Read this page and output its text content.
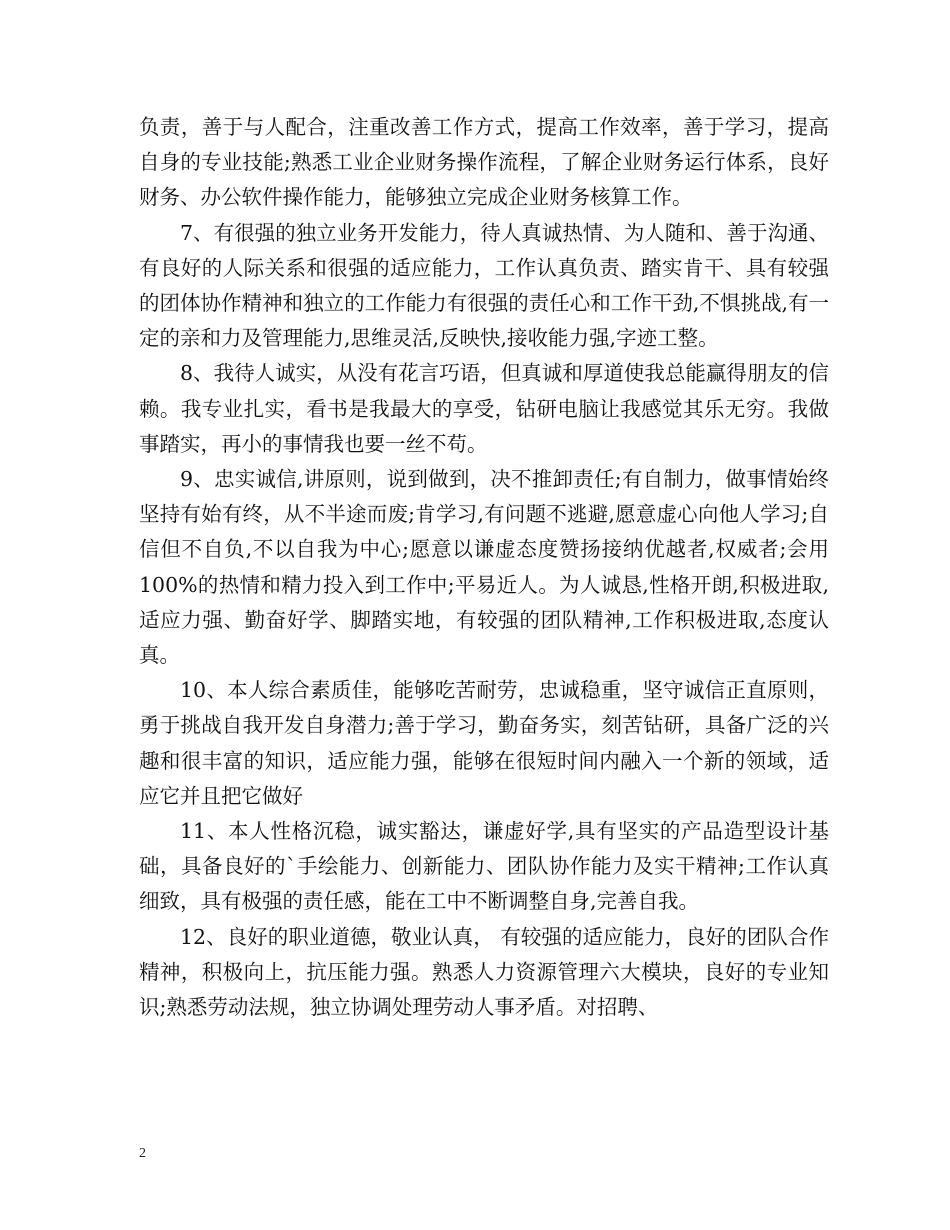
负责，善于与人配合，注重改善工作方式，提高工作效率，善于学习，提高自身的专业技能;熟悉工业企业财务操作流程，了解企业财务运行体系，良好财务、办公软件操作能力，能够独立完成企业财务核算工作。

7、有很强的独立业务开发能力，待人真诚热情、为人随和、善于沟通、有良好的人际关系和很强的适应能力，工作认真负责、踏实肯干、具有较强的团体协作精神和独立的工作能力有很强的责任心和工作干劲,不惧挑战,有一定的亲和力及管理能力,思维灵活,反映快,接收能力强,字迹工整。

8、我待人诚实，从没有花言巧语，但真诚和厚道使我总能赢得朋友的信赖。我专业扎实，看书是我最大的享受，钻研电脑让我感觉其乐无穷。我做事踏实，再小的事情我也要一丝不苟。

9、忠实诚信,讲原则，说到做到，决不推卸责任;有自制力，做事情始终坚持有始有终，从不半途而废;肯学习,有问题不逃避,愿意虚心向他人学习;自信但不自负,不以自我为中心;愿意以谦虚态度赞扬接纳优越者,权威者;会用100%的热情和精力投入到工作中;平易近人。为人诚恳,性格开朗,积极进取,适应力强、勤奋好学、脚踏实地，有较强的团队精神,工作积极进取,态度认真。

10、本人综合素质佳，能够吃苦耐劳，忠诚稳重，坚守诚信正直原则，勇于挑战自我开发自身潜力;善于学习，勤奋务实，刻苦钻研，具备广泛的兴趣和很丰富的知识，适应能力强，能够在很短时间内融入一个新的领域，适应它并且把它做好

11、本人性格沉稳，诚实豁达，谦虚好学,具有坚实的产品造型设计基础，具备良好的`手绘能力、创新能力、团队协作能力及实干精神;工作认真细致，具有极强的责任感，能在工中不断调整自身,完善自我。

12、良好的职业道德，敬业认真， 有较强的适应能力，良好的团队合作精神，积极向上，抗压能力强。熟悉人力资源管理六大模块，良好的专业知识;熟悉劳动法规，独立协调处理劳动人事矛盾。对招聘、

2
